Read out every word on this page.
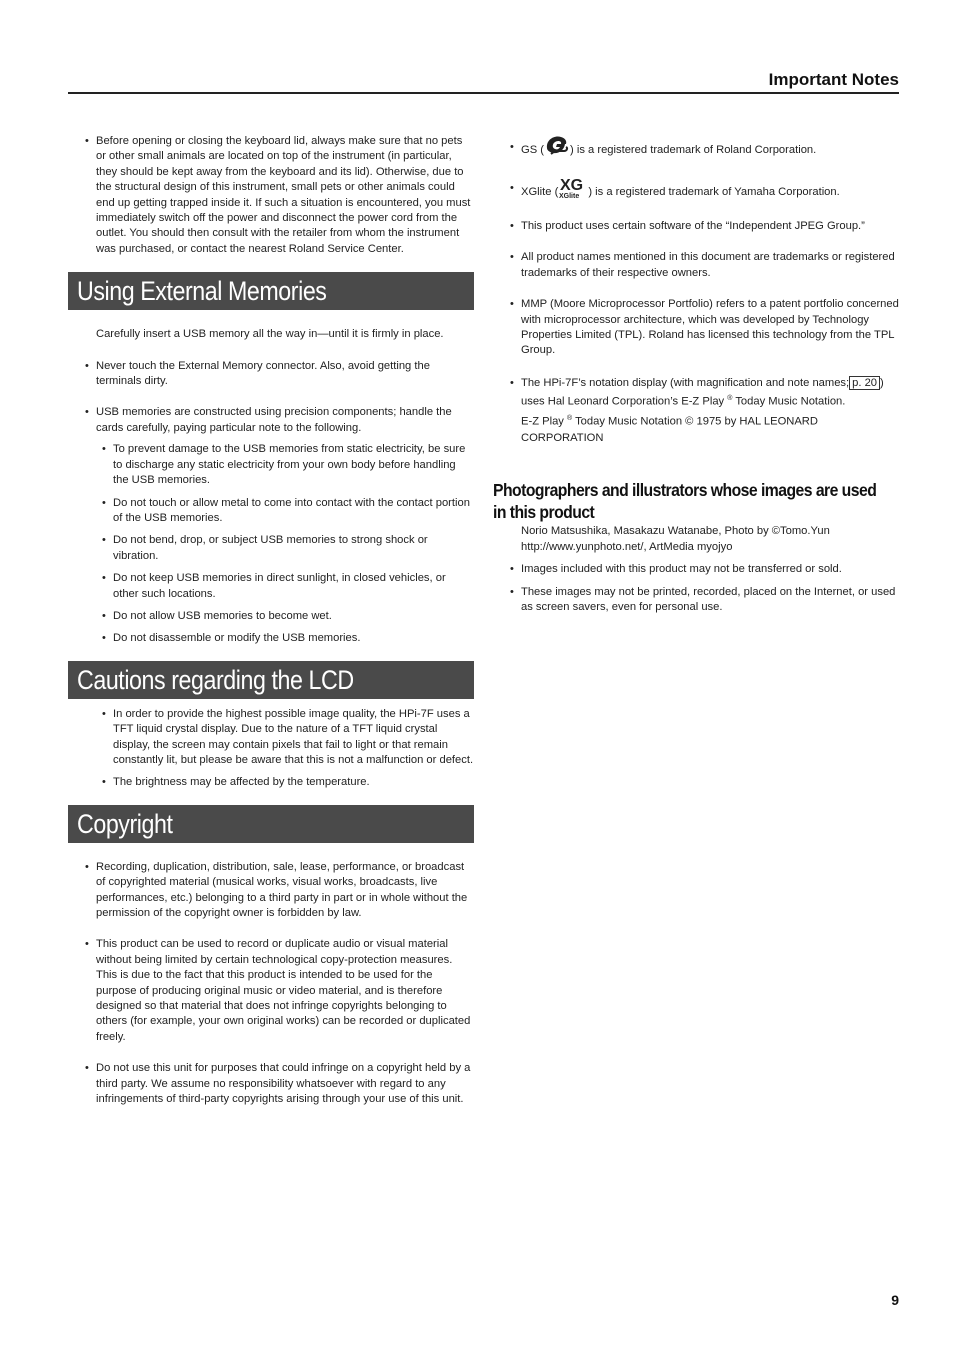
Important Notes
• Before opening or closing the keyboard lid, always make sure that no pets or other small animals are located on top of the instrument (in particular, they should be kept away from the keyboard and its lid). Otherwise, due to the structural design of this instrument, small pets or other animals could end up getting trapped inside it. If such a situation is encountered, you must immediately switch off the power and disconnect the power cord from the outlet. You should then consult with the retailer from whom the instrument was purchased, or contact the nearest Roland Service Center.
Using External Memories
Carefully insert a USB memory all the way in—until it is firmly in place.
• Never touch the External Memory connector. Also, avoid getting the terminals dirty.
• USB memories are constructed using precision components; handle the cards carefully, paying particular note to the following.
• To prevent damage to the USB memories from static electricity, be sure to discharge any static electricity from your own body before handling the USB memories.
• Do not touch or allow metal to come into contact with the contact portion of the USB memories.
• Do not bend, drop, or subject USB memories to strong shock or vibration.
• Do not keep USB memories in direct sunlight, in closed vehicles, or other such locations.
• Do not allow USB memories to become wet.
• Do not disassemble or modify the USB memories.
Cautions regarding the LCD display
• In order to provide the highest possible image quality, the HPi-7F uses a TFT liquid crystal display. Due to the nature of a TFT liquid crystal display, the screen may contain pixels that fail to light or that remain constantly lit, but please be aware that this is not a malfunction or defect.
• The brightness may be affected by the temperature.
Copyright
• Recording, duplication, distribution, sale, lease, performance, or broadcast of copyrighted material (musical works, visual works, broadcasts, live performances, etc.) belonging to a third party in part or in whole without the permission of the copyright owner is forbidden by law.
• This product can be used to record or duplicate audio or visual material without being limited by certain technological copy-protection measures. This is due to the fact that this product is intended to be used for the purpose of producing original music or video material, and is therefore designed so that material that does not infringe copyrights belonging to others (for example, your own original works) can be recorded or duplicated freely.
• Do not use this unit for purposes that could infringe on a copyright held by a third party. We assume no responsibility whatsoever with regard to any infringements of third-party copyrights arising through your use of this unit.
• GS ( ) is a registered trademark of Roland Corporation.
• XGlite ( XG
XGlite ) is a registered trademark of Yamaha Corporation.
• This product uses certain software of the “Independent JPEG Group.”
• All product names mentioned in this document are trademarks or registered trademarks of their respective owners.
• MMP (Moore Microprocessor Portfolio) refers to a patent portfolio concerned with microprocessor architecture, which was developed by Technology Properties Limited (TPL). Roland has licensed this technology from the TPL Group.
• The HPi-7F’s notation display (with magnification and note names; p. 20 )
uses Hal Leonard Corporation’s E-Z Play ® Today Music Notation.
E-Z Play ® Today Music Notation © 1975 by HAL LEONARD CORPORATION
Photographers and illustrators whose images are used
in this product
Norio Matsushika, Masakazu Watanabe, Photo by ©Tomo.Yun
http://www.yunphoto.net/, ArtMedia myojyo
• Images included with this product may not be transferred or sold.
• These images may not be printed, recorded, placed on the Internet, or used as screen savers, even for personal use.
9
